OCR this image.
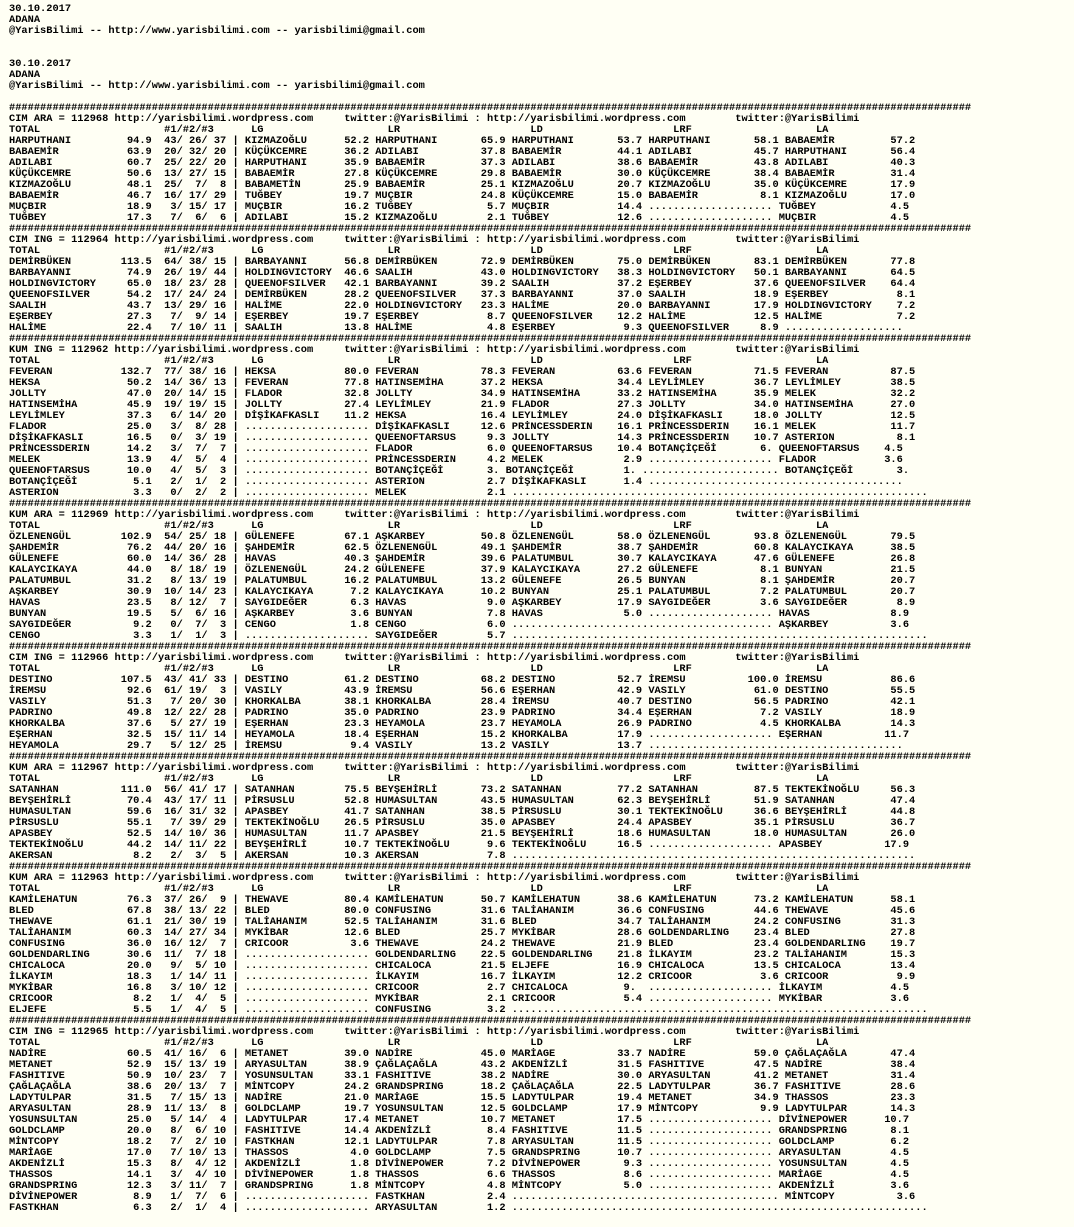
30.10.2017
ADANA
@YarisBilimi -- http://www.yarisbilimi.com -- yarisbilimi@gmail.com

30.10.2017
ADANA
@YarisBilimi -- http://www.yarisbilimi.com -- yarisbilimi@gmail.com

###########################################################################################################################################################
CIM ARA = 112968 http://yarisbilimi.wordpress.com     twitter:@YarisBilimi : http://yarisbilimi.wordpress.com        twitter:@YarisBilimi
TOTAL                    #1/#2/#3      LG                    LR                     LD                     LRF                    LA
HARPUTHANI         94.9  43/ 26/ 37 | KIZMAZOĞLU      52.2 HARPUTHANI       65.9 HARPUTHANI       53.7 HARPUTHANI       58.1 BABAEMİR         57.2
BABAEMİR           63.9  20/ 32/ 20 | KÜÇÜKCEMRE      36.2 ADILABI          37.8 BABAEMİR         44.1 ADILABI          45.7 HARPUTHANI       56.4
ADILABI            60.7  25/ 22/ 20 | HARPUTHANI      35.9 BABAEMİR         37.3 ADILABI          38.6 BABAEMİR         43.8 ADILABI          40.3
KÜÇÜKCEMRE         50.6  13/ 27/ 15 | BABAEMİR        27.8 KÜÇÜKCEMRE       29.8 BABAEMİR         30.0 KÜÇÜKCEMRE       38.4 BABAEMİR         31.4
KIZMAZOĞLU         48.1  25/  7/  8 | BABAMETİN       25.9 BABAEMİR         25.1 KIZMAZOĞLU       20.7 KIZMAZOĞLU       35.0 KÜÇÜKCEMRE       17.9
BABAEMİR           46.7  16/ 17/ 29 | TUĞBEY          19.7 MUÇBIR           24.8 KÜÇÜKCEMRE       15.0 BABAEMİR          8.1 KIZMAZOĞLU       17.0
MUÇBIR             18.9   3/ 15/ 17 | MUÇBIR          16.2 TUĞBEY            5.7 MUÇBIR           14.4 .................... TUĞBEY            4.5
TUĞBEY             17.3   7/  6/  6 | ADILABI         15.2 KIZMAZOĞLU        2.1 TUĞBEY           12.6 .................... MUÇBIR            4.5
###########################################################################################################################################################
CIM ING = 112964 http://yarisbilimi.wordpress.com     twitter:@YarisBilimi : http://yarisbilimi.wordpress.com        twitter:@YarisBilimi
TOTAL                    #1/#2/#3      LG                    LR                     LD                     LRF                    LA
DEMİRBÜKEN        113.5  64/ 38/ 15 | BARBAYANNI      56.8 DEMİRBÜKEN       72.9 DEMİRBÜKEN       75.0 DEMİRBÜKEN       83.1 DEMİRBÜKEN       77.8
BARBAYANNI         74.9  26/ 19/ 44 | HOLDINGVICTORY  46.6 SAALIH           43.0 HOLDINGVICTORY   38.3 HOLDINGVICTORY   50.1 BARBAYANNI       64.5
HOLDINGVICTORY     65.0  18/ 23/ 28 | QUEENOFSILVER   42.1 BARBAYANNI       39.2 SAALIH           37.2 EŞERBEY          37.6 QUEENOFSILVER    64.4
QUEENOFSILVER      54.2  17/ 24/ 24 | DEMİRBÜKEN      28.2 QUEENOFSILVER    37.3 BARBAYANNI       37.0 SAALIH           18.9 EŞERBEY           8.1
SAALIH             43.7  13/ 29/ 16 | HALİME          22.0 HOLDINGVICTORY   23.3 HALİME           20.0 BARBAYANNI       17.9 HOLDINGVICTORY    7.2
EŞERBEY            27.3   7/  9/ 14 | EŞERBEY         19.7 EŞERBEY           8.7 QUEENOFSILVER    12.2 HALİME           12.5 HALİME            7.2
HALİME             22.4   7/ 10/ 11 | SAALIH          13.8 HALİME            4.8 EŞERBEY           9.3 QUEENOFSILVER     8.9 ...................
###########################################################################################################################################################
KUM ING = 112962 http://yarisbilimi.wordpress.com     twitter:@YarisBilimi : http://yarisbilimi.wordpress.com        twitter:@YarisBilimi
TOTAL                    #1/#2/#3      LG                    LR                     LD                     LRF                    LA
FEVERAN           132.7  77/ 38/ 16 | HEKSA           80.0 FEVERAN          78.3 FEVERAN          63.6 FEVERAN          71.5 FEVERAN          87.5
HEKSA              50.2  14/ 36/ 13 | FEVERAN         77.8 HATINSEMİHA      37.2 HEKSA            34.4 LEYLİMLEY        36.7 LEYLİMLEY        38.5
JOLLTY             47.0  20/ 14/ 15 | FLADOR          32.8 JOLLTY           34.9 HATINSEMİHA      33.2 HATINSEMİHA      35.9 MELEK            32.2
HATINSEMİHA        45.9  19/ 19/ 15 | JOLLTY          27.4 LEYLİMLEY        21.9 FLADOR           27.3 JOLLTY           34.0 HATINSEMİHA      27.0
LEYLİMLEY          37.3   6/ 14/ 20 | DİŞİKAFKASLI    11.2 HEKSA            16.4 LEYLİMLEY        24.0 DİŞİKAFKASLI     18.0 JOLLTY           12.5
FLADOR             25.0   3/  8/ 28 | .................... DİŞİKAFKASLI     12.6 PRİNCESSDERIN    16.1 PRİNCESSDERIN    16.1 MELEK            11.7
DİŞİKAFKASLI       16.5   0/  3/ 19 | .................... QUEENOFTARSUS     9.3 JOLLTY           14.3 PRİNCESSDERIN    10.7 ASTERION          8.1
PRİNCESSDERIN      14.2   3/  7/  7 | .................... FLADOR            6.0 QUEENOFTARSUS    10.4 BOTANÇİÇEĞİ       6. QUEENOFTARSUS    4.5
MELEK              13.9   4/  5/  4 | .................... PRİNCESSDERIN     4.2 MELEK             2.9 .................... FLADOR           3.6
QUEENOFTARSUS      10.0   4/  5/  3 | .................... BOTANÇİÇEĞİ       3. BOTANÇİÇEĞİ        1. ...................... BOTANÇİÇEĞİ       3.
BOTANÇİÇEĞİ         5.1   2/  1/  2 | .................... ASTERION          2.7 DİŞİKAFKASLI      1.4 .........................................
ASTERION            3.3   0/  2/  2 | .................... MELEK             2.1 ...................................................................
###########################################################################################################################################################
KUM ARA = 112969 http://yarisbilimi.wordpress.com     twitter:@YarisBilimi : http://yarisbilimi.wordpress.com        twitter:@YarisBilimi
TOTAL                    #1/#2/#3      LG                    LR                     LD                     LRF                    LA
ÖZLENENGÜL        102.9  54/ 25/ 18 | GÜLENEFE        67.1 AŞKARBEY         50.8 ÖZLENENGÜL       58.0 ÖZLENENGÜL       93.8 ÖZLENENGÜL       79.5
ŞAHDEMİR           76.2  44/ 20/ 16 | ŞAHDEMİR        62.5 ÖZLENENGÜL       49.1 ŞAHDEMİR         38.7 ŞAHDEMİR         60.8 KALAYCIKAYA      38.5
GÜLENEFE           60.0  14/ 36/ 28 | HAVAS           40.3 ŞAHDEMİR         39.6 PALATUMBUL       30.7 KALAYCIKAYA      47.6 GÜLENEFE         26.8
KALAYCIKAYA        44.0   8/ 18/ 19 | ÖZLENENGÜL      24.2 GÜLENEFE         37.9 KALAYCIKAYA      27.2 GÜLENEFE          8.1 BUNYAN           21.5
PALATUMBUL         31.2   8/ 13/ 19 | PALATUMBUL      16.2 PALATUMBUL       13.2 GÜLENEFE         26.5 BUNYAN            8.1 ŞAHDEMİR         20.7
AŞKARBEY           30.9  10/ 14/ 23 | KALAYCIKAYA      7.2 KALAYCIKAYA      10.2 BUNYAN           25.1 PALATUMBUL        7.2 PALATUMBUL       20.7
HAVAS              23.5   8/ 12/  7 | SAYGIDEĞER       6.3 HAVAS             9.0 AŞKARBEY         17.9 SAYGIDEĞER        3.6 SAYGIDEĞER        8.9
BUNYAN             19.5   5/  6/ 16 | AŞKARBEY         3.6 BUNYAN            7.8 HAVAS             5.0 .................... HAVAS             8.9
SAYGIDEĞER          9.2   0/  7/  3 | CENGO            1.8 CENGO             6.0 .......................................... AŞKARBEY          3.6
CENGO               3.3   1/  1/  3 | .................... SAYGIDEĞER        5.7 ...................................................................
###########################################################################################################################################################
CIM ING = 112966 http://yarisbilimi.wordpress.com     twitter:@YarisBilimi : http://yarisbilimi.wordpress.com        twitter:@YarisBilimi
TOTAL                    #1/#2/#3      LG                    LR                     LD                     LRF                    LA
DESTINO           107.5  43/ 41/ 33 | DESTINO         61.2 DESTINO          68.2 DESTINO          52.7 İREMSU          100.0 İREMSU           86.6
İREMSU             92.6  61/ 19/  3 | VASILY          43.9 İREMSU           56.6 EŞERHAN          42.9 VASILY           61.0 DESTINO          55.5
VASILY             51.3   7/ 20/ 30 | KHORKALBA       38.1 KHORKALBA        28.4 İREMSU           40.7 DESTINO          56.5 PADRINO          42.1
PADRINO            49.8  12/ 22/ 28 | PADRINO         35.0 PADRINO          23.9 PADRINO          34.4 EŞERHAN           7.2 VASILY           18.9
KHORKALBA          37.6   5/ 27/ 19 | EŞERHAN         23.3 HEYAMOLA         23.7 HEYAMOLA         26.9 PADRINO           4.5 KHORKALBA        14.3
EŞERHAN            32.5  15/ 11/ 14 | HEYAMOLA        18.4 EŞERHAN          15.2 KHORKALBA        17.9 .................... EŞERHAN          11.7
HEYAMOLA           29.7   5/ 12/ 25 | İREMSU           9.4 VASILY           13.2 VASILY           13.7 .........................................
###########################################################################################################################################################
KUM ARA = 112967 http://yarisbilimi.wordpress.com     twitter:@YarisBilimi : http://yarisbilimi.wordpress.com        twitter:@YarisBilimi
TOTAL                    #1/#2/#3      LG                    LR                     LD                     LRF                    LA
SATANHAN          111.0  56/ 41/ 17 | SATANHAN        75.5 BEYŞEHİRLİ       73.2 SATANHAN         77.2 SATANHAN         87.5 TEKTEKİNOĞLU     56.3
BEYŞEHİRLİ         70.4  43/ 17/ 11 | PİRSUSLU        52.8 HUMASULTAN       43.5 HUMASULTAN       62.3 BEYŞEHİRLİ       51.9 SATANHAN         47.4
HUMASULTAN         59.6  16/ 31/ 32 | APASBEY         41.7 SATANHAN         38.5 PİRSUSLU         30.1 TEKTEKİNOĞLU     36.6 BEYŞEHİRLİ       44.8
PİRSUSLU           55.1   7/ 39/ 29 | TEKTEKİNOĞLU    26.5 PİRSUSLU         35.0 APASBEY          24.4 APASBEY          35.1 PİRSUSLU         36.7
APASBEY            52.5  14/ 10/ 36 | HUMASULTAN      11.7 APASBEY          21.5 BEYŞEHİRLİ       18.6 HUMASULTAN       18.0 HUMASULTAN       26.0
TEKTEKİNOĞLU       44.2  14/ 11/ 22 | BEYŞEHİRLİ      10.7 TEKTEKİNOĞLU      9.6 TEKTEKİNOĞLU     16.5 .................... APASBEY          17.9
AKERSAN             8.2   2/  3/  5 | AKERSAN         10.3 AKERSAN           7.8 .................................................................
###########################################################################################################################################################
KUM ARA = 112963 http://yarisbilimi.wordpress.com     twitter:@YarisBilimi : http://yarisbilimi.wordpress.com        twitter:@YarisBilimi
TOTAL                    #1/#2/#3      LG                    LR                     LD                     LRF                    LA
KAMİLEHATUN        76.3  37/ 26/  9 | THEWAVE         80.4 KAMİLEHATUN      50.7 KAMİLEHATUN      38.6 KAMİLEHATUN      73.2 KAMİLEHATUN      58.1
BLED               67.8  38/ 13/ 22 | BLED            80.0 CONFUSING        31.6 TALİAHANIM       36.6 CONFUSING        44.6 THEWAVE          45.6
THEWAVE            61.1  21/ 30/ 19 | TALİAHANIM      52.5 TALİAHANIM       31.6 BLED             34.7 TALİAHANIM       24.2 CONFUSING        31.3
TALİAHANIM         60.3  14/ 27/ 34 | MYKİBAR         12.6 BLED             25.7 MYKİBAR          28.6 GOLDENDARLING    23.4 BLED             27.8
CONFUSING          36.0  16/ 12/  7 | CRICOOR          3.6 THEWAVE          24.2 THEWAVE          21.9 BLED             23.4 GOLDENDARLING    19.7
GOLDENDARLING      30.6  11/  7/ 18 | .................... GOLDENDARLING    22.5 GOLDENDARLING    21.8 İLKAYIM          23.2 TALİAHANIM       15.3
CHICALOCA          20.0   9/  5/ 10 | .................... CHICALOCA        21.5 ELJEFE           16.9 CHICALOCA        13.5 CHICALOCA        13.4
İLKAYIM            18.3   1/ 14/ 11 | .................... İLKAYIM          16.7 İLKAYIM          12.2 CRICOOR           3.6 CRICOOR           9.9
MYKİBAR            16.8   3/ 10/ 12 | .................... CRICOOR           2.7 CHICALOCA         9.  .................... İLKAYIM           4.5
CRICOOR             8.2   1/  4/  5 | .................... MYKİBAR           2.1 CRICOOR           5.4 .................... MYKİBAR           3.6
ELJEFE              5.5   1/  4/  5 | .................... CONFUSING         3.2 ...................................................................
###########################################################################################################################################################
CIM ING = 112965 http://yarisbilimi.wordpress.com     twitter:@YarisBilimi : http://yarisbilimi.wordpress.com        twitter:@YarisBilimi
TOTAL                    #1/#2/#3      LG                    LR                     LD                     LRF                    LA
NADİRE             60.5  41/ 16/  6 | METANET         39.0 NADİRE           45.0 MARİAGE          33.7 NADİRE           59.0 ÇAĞLAÇAĞLA       47.4
METANET            52.9  15/ 13/ 19 | ARYASULTAN      38.9 ÇAĞLAÇAĞLA       43.2 AKDENİZLİ        31.5 FASHITIVE        47.5 NADİRE           38.4
FASHITIVE          50.9  10/ 23/  7 | YOSUNSULTAN     33.1 FASHITIVE        38.2 NADİRE           30.0 ARYASULTAN       41.2 METANET          31.4
ÇAĞLAÇAĞLA         38.6  20/ 13/  7 | MİNTCOPY        24.2 GRANDSPRING      18.2 ÇAĞLAÇAĞLA       22.5 LADYTULPAR       36.7 FASHITIVE        28.6
LADYTULPAR         31.5   7/ 15/ 13 | NADİRE          21.0 MARİAGE          15.5 LADYTULPAR       19.4 METANET          34.9 THASSOS          23.3
ARYASULTAN         28.9  11/ 13/  8 | GOLDCLAMP       19.7 YOSUNSULTAN      12.5 GOLDCLAMP        17.9 MİNTCOPY          9.9 LADYTULPAR       14.3
YOSUNSULTAN        25.0   5/ 14/  4 | LADYTULPAR      17.4 METANET          10.7 METANET          17.5 .................... DİVİNEPOWER      10.7
GOLDCLAMP          20.0   8/  6/ 10 | FASHITIVE       14.4 AKDENİZLİ         8.4 FASHITIVE        11.5 .................... GRANDSPRING       8.1
MİNTCOPY           18.2   7/  2/ 10 | FASTKHAN        12.1 LADYTULPAR        7.8 ARYASULTAN       11.5 .................... GOLDCLAMP         6.2
MARİAGE            17.0   7/ 10/ 13 | THASSOS          4.0 GOLDCLAMP         7.5 GRANDSPRING      10.7 .................... ARYASULTAN        4.5
AKDENİZLİ          15.3   8/  4/ 12 | AKDENİZLİ        1.8 DİVİNEPOWER       7.2 DİVİNEPOWER       9.3 .................... YOSUNSULTAN       4.5
THASSOS            14.1   3/  4/ 10 | DİVİNEPOWER      1.8 THASSOS           6.6 THASSOS           8.6 .................... MARİAGE           4.5
GRANDSPRING        12.3   3/ 11/  7 | GRANDSPRING      1.8 MİNTCOPY          4.8 MİNTCOPY          5.0 .................... AKDENİZLİ         3.6
DİVİNEPOWER         8.9   1/  7/  6 | .................... FASTKHAN          2.4 ........................................... MİNTCOPY          3.6
FASTKHAN            6.3   2/  1/  4 | .................... ARYASULTAN        1.2 ...................................................................
